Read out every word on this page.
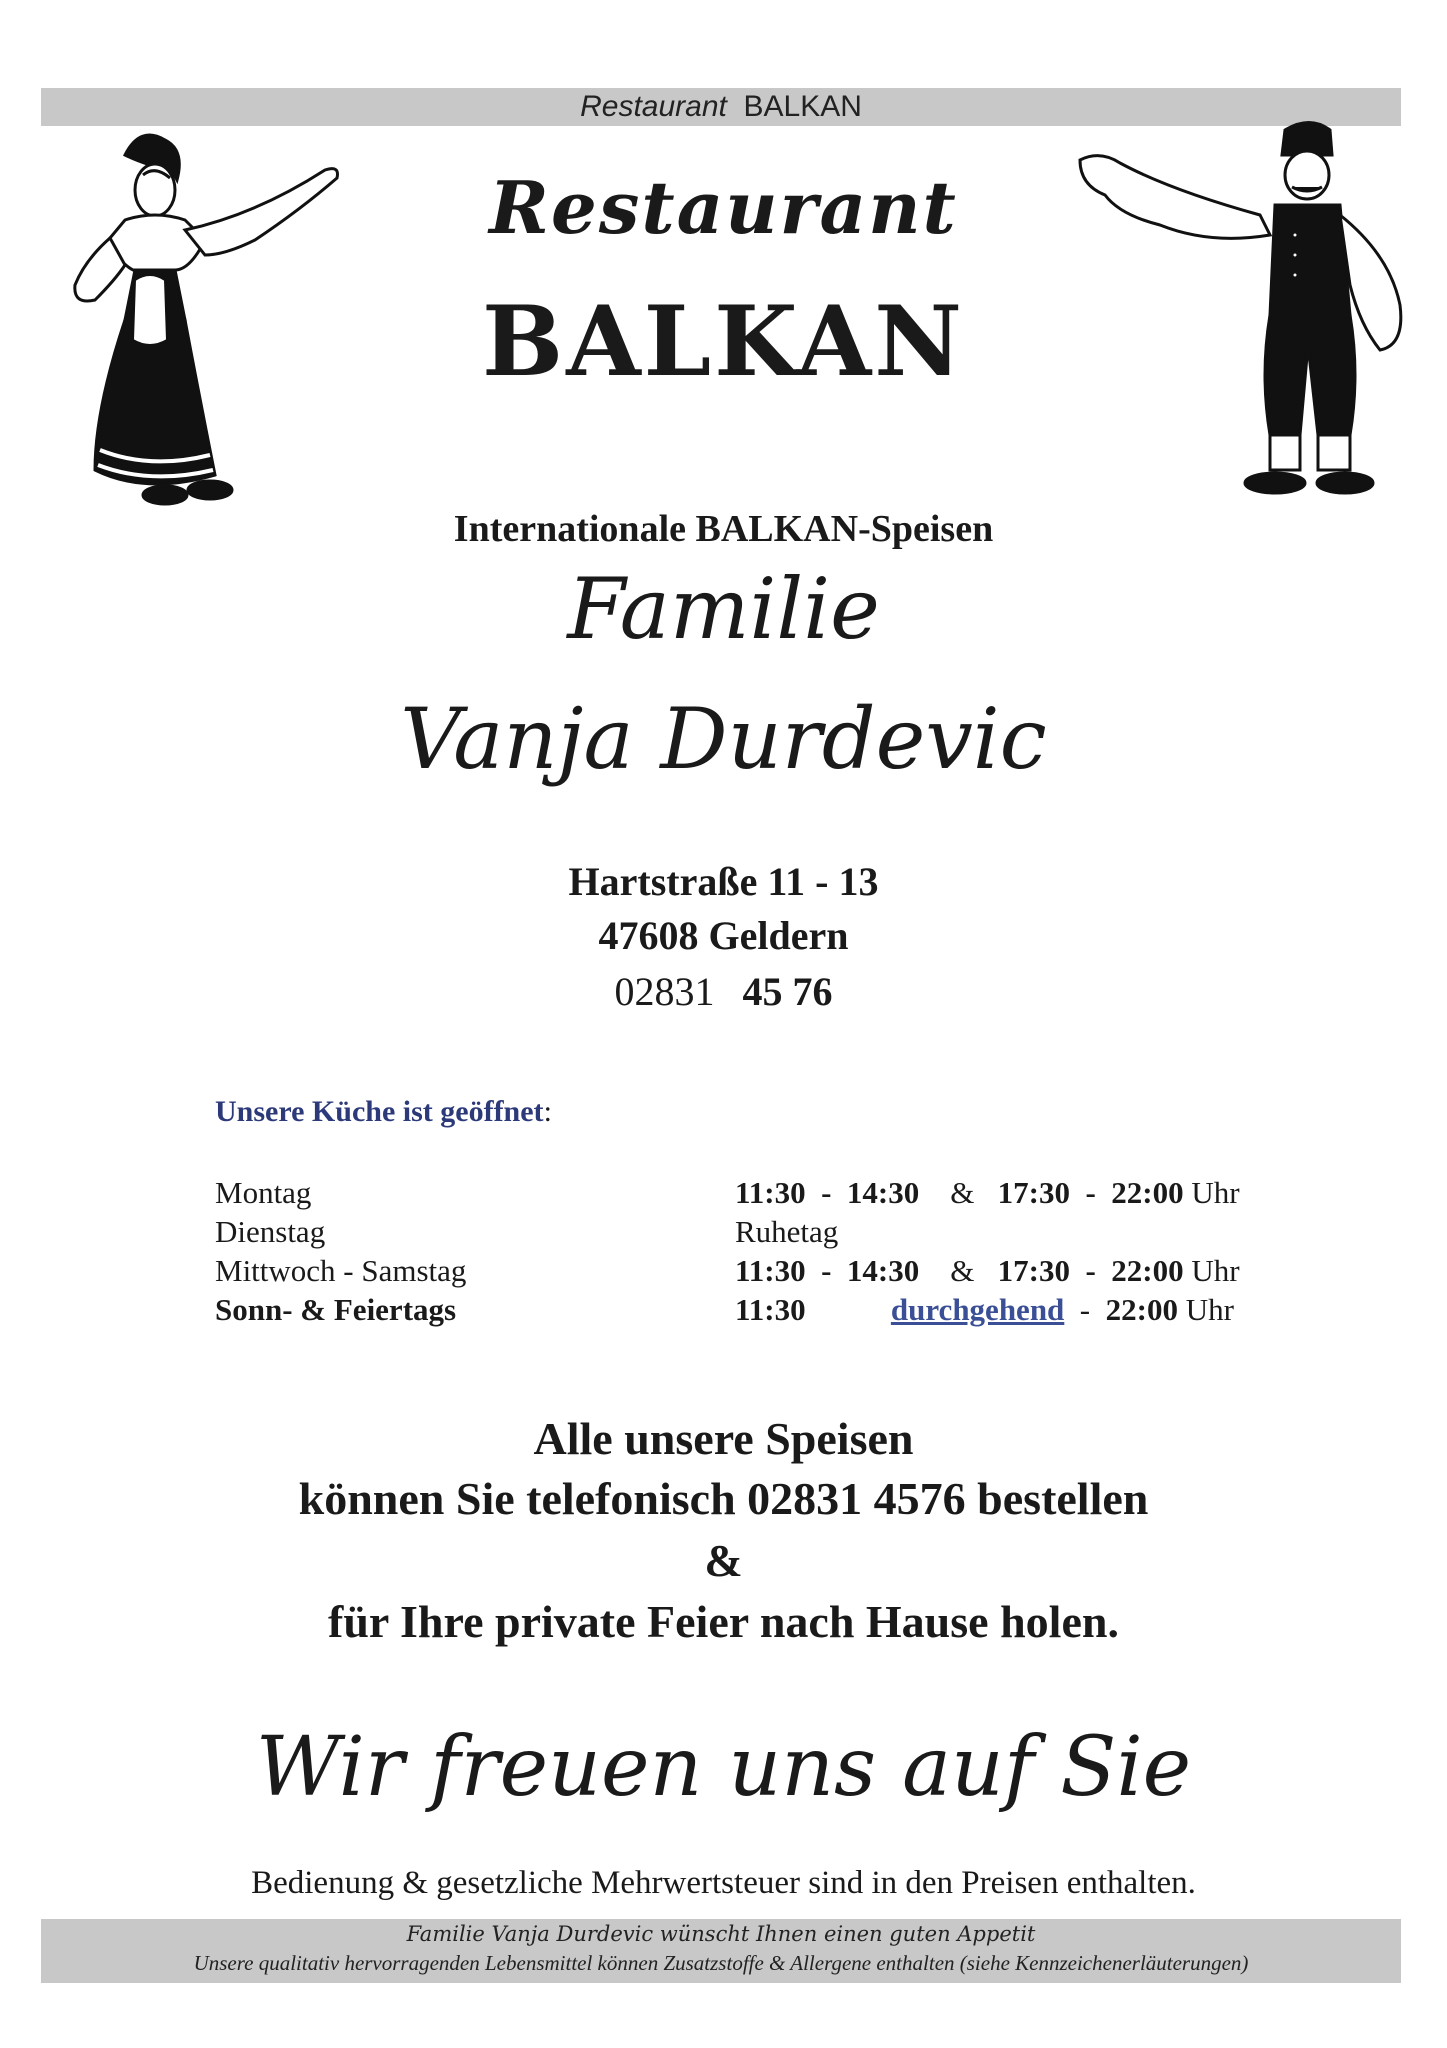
Restaurant BALKAN
Restaurant
BALKAN
Internationale BALKAN-Speisen
Familie
Vanja Durdevic
Hartstraße 11 - 13
47608 Geldern
02831 45 76
Unsere Küche ist geöffnet:
Montag	11:30  -  14:30 & 17:30  -  22:00 Uhr
Dienstag	Ruhetag
Mittwoch - Samstag	11:30  -  14:30 & 17:30  -  22:00 Uhr
Sonn- & Feiertags	11:30	durchgehend  -  22:00 Uhr
Alle unsere Speisen
können Sie telefonisch 02831 4576 bestellen
&
für Ihre private Feier nach Hause holen.
Wir freuen uns auf Sie
Bedienung & gesetzliche Mehrwertsteuer sind in den Preisen enthalten.
Familie Vanja Durdevic wünscht Ihnen einen guten Appetit
Unsere qualitativ hervorragenden Lebensmittel können Zusatzstoffe & Allergene enthalten (siehe Kennzeichenerläuterungen)
